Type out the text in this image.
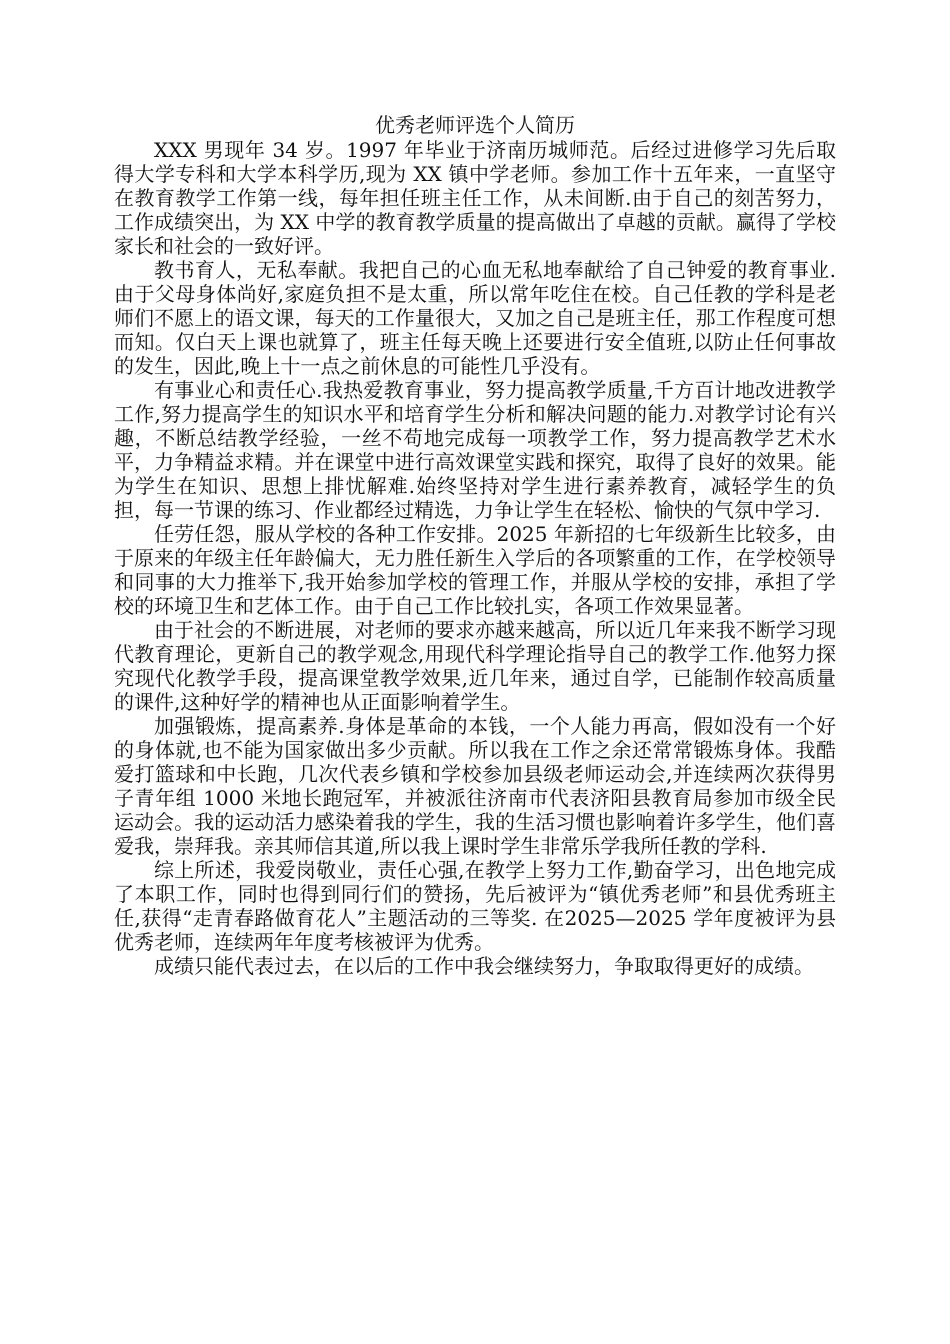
优秀老师评选个人简历

XXX 男现年 34 岁。1997 年毕业于济南历城师范。后经过进修学习先后取得大学专科和大学本科学历,现为 XX 镇中学老师。参加工作十五年来，一直坚守在教育教学工作第一线，每年担任班主任工作，从未间断.由于自己的刻苦努力，工作成绩突出，为 XX 中学的教育教学质量的提高做出了卓越的贡献。赢得了学校家长和社会的一致好评。

教书育人，无私奉献。我把自己的心血无私地奉献给了自己钟爱的教育事业.由于父母身体尚好,家庭负担不是太重，所以常年吃住在校。自己任教的学科是老师们不愿上的语文课，每天的工作量很大，又加之自己是班主任，那工作程度可想而知。仅白天上课也就算了，班主任每天晚上还要进行安全值班,以防止任何事故的发生，因此,晚上十一点之前休息的可能性几乎没有。

有事业心和责任心.我热爱教育事业，努力提高教学质量,千方百计地改进教学工作,努力提高学生的知识水平和培育学生分析和解决问题的能力.对教学讨论有兴趣，不断总结教学经验，一丝不苟地完成每一项教学工作，努力提高教学艺术水平，力争精益求精。并在课堂中进行高效课堂实践和探究，取得了良好的效果。能为学生在知识、思想上排忧解难.始终坚持对学生进行素养教育，减轻学生的负担，每一节课的练习、作业都经过精选，力争让学生在轻松、愉快的气氛中学习.

任劳任怨，服从学校的各种工作安排。2025 年新招的七年级新生比较多，由于原来的年级主任年龄偏大，无力胜任新生入学后的各项繁重的工作，在学校领导和同事的大力推举下,我开始参加学校的管理工作，并服从学校的安排，承担了学校的环境卫生和艺体工作。由于自己工作比较扎实，各项工作效果显著。

由于社会的不断进展，对老师的要求亦越来越高，所以近几年来我不断学习现代教育理论，更新自己的教学观念,用现代科学理论指导自己的教学工作.他努力探究现代化教学手段，提高课堂教学效果,近几年来，通过自学，已能制作较高质量的课件,这种好学的精神也从正面影响着学生。

加强锻炼，提高素养.身体是革命的本钱，一个人能力再高，假如没有一个好的身体就,也不能为国家做出多少贡献。所以我在工作之余还常常锻炼身体。我酷爱打篮球和中长跑，几次代表乡镇和学校参加县级老师运动会,并连续两次获得男子青年组 1000 米地长跑冠军，并被派往济南市代表济阳县教育局参加市级全民运动会。我的运动活力感染着我的学生，我的生活习惯也影响着许多学生，他们喜爱我，崇拜我。亲其师信其道,所以我上课时学生非常乐学我所任教的学科.

综上所述，我爱岗敬业，责任心强,在教学上努力工作,勤奋学习，出色地完成了本职工作，同时也得到同行们的赞扬，先后被评为“镇优秀老师”和县优秀班主任,获得“走青春路做育花人”主题活动的三等奖. 在2025—2025 学年度被评为县优秀老师，连续两年年度考核被评为优秀。

成绩只能代表过去，在以后的工作中我会继续努力，争取取得更好的成绩。
